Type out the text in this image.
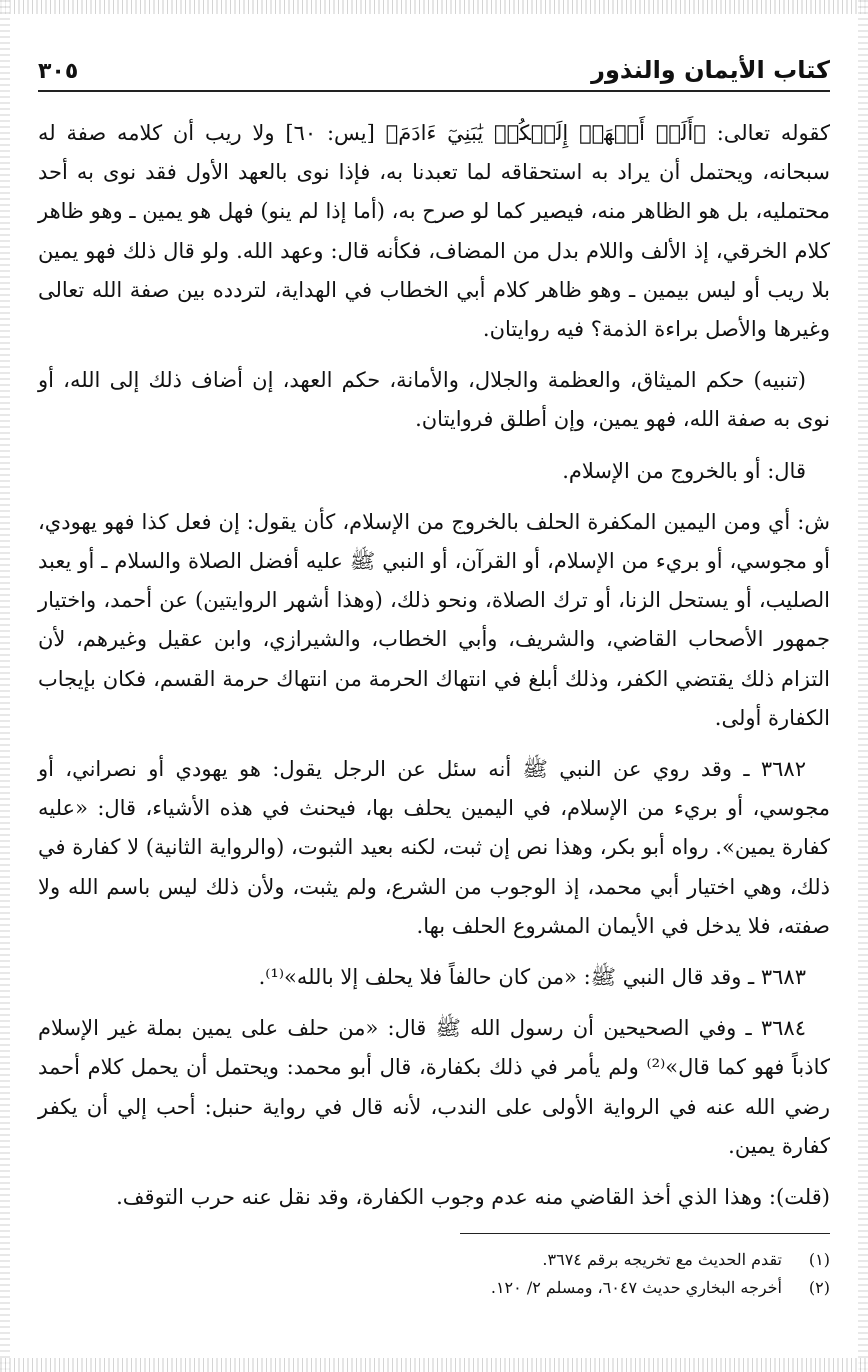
كتاب الأيمان والنذور
٣٠٥

كقوله تعالى: ﴿أَلَمۡ أَعۡهَدۡ إِلَيۡكُمۡ يَٰبَنِيٓ ءَادَمَ﴾ [يس: ٦٠] ولا ريب أن كلامه صفة له سبحانه، ويحتمل أن يراد به استحقاقه لما تعبدنا به، فإذا نوى بالعهد الأول فقد نوى به أحد محتمليه، بل هو الظاهر منه، فيصير كما لو صرح به، (أما إذا لم ينو) فهل هو يمين ـ وهو ظاهر كلام الخرقي، إذ الألف واللام بدل من المضاف، فكأنه قال: وعهد الله. ولو قال ذلك فهو يمين بلا ريب أو ليس بيمين ـ وهو ظاهر كلام أبي الخطاب في الهداية، لتردده بين صفة الله تعالى وغيرها والأصل براءة الذمة؟ فيه روايتان.

(تنبيه) حكم الميثاق، والعظمة والجلال، والأمانة، حكم العهد، إن أضاف ذلك إلى الله، أو نوى به صفة الله، فهو يمين، وإن أطلق فروايتان.

قال: أو بالخروج من الإسلام.

ش: أي ومن اليمين المكفرة الحلف بالخروج من الإسلام، كأن يقول: إن فعل كذا فهو يهودي، أو مجوسي، أو بريء من الإسلام، أو القرآن، أو النبي ﷺ عليه أفضل الصلاة والسلام ـ أو يعبد الصليب، أو يستحل الزنا، أو ترك الصلاة، ونحو ذلك، (وهذا أشهر الروايتين) عن أحمد، واختيار جمهور الأصحاب القاضي، والشريف، وأبي الخطاب، والشيرازي، وابن عقيل وغيرهم، لأن التزام ذلك يقتضي الكفر، وذلك أبلغ في انتهاك الحرمة من انتهاك حرمة القسم، فكان بإيجاب الكفارة أولى.

٣٦٨٢ ـ وقد روي عن النبي ﷺ أنه سئل عن الرجل يقول: هو يهودي أو نصراني، أو مجوسي، أو بريء من الإسلام، في اليمين يحلف بها، فيحنث في هذه الأشياء، قال: «عليه كفارة يمين». رواه أبو بكر، وهذا نص إن ثبت، لكنه بعيد الثبوت، (والرواية الثانية) لا كفارة في ذلك، وهي اختيار أبي محمد، إذ الوجوب من الشرع، ولم يثبت، ولأن ذلك ليس باسم الله ولا صفته، فلا يدخل في الأيمان المشروع الحلف بها.

٣٦٨٣ ـ وقد قال النبي ﷺ: «من كان حالفاً فلا يحلف إلا بالله»⁽¹⁾.

٣٦٨٤ ـ وفي الصحيحين أن رسول الله ﷺ قال: «من حلف على يمين بملة غير الإسلام كاذباً فهو كما قال»⁽²⁾ ولم يأمر في ذلك بكفارة، قال أبو محمد: ويحتمل أن يحمل كلام أحمد رضي الله عنه في الرواية الأولى على الندب، لأنه قال في رواية حنبل: أحب إلي أن يكفر كفارة يمين.

(قلت): وهذا الذي أخذ القاضي منه عدم وجوب الكفارة، وقد نقل عنه حرب التوقف.

(١)
تقدم الحديث مع تخريجه برقم ٣٦٧٤.
(٢)
أخرجه البخاري حديث ٦٠٤٧، ومسلم ٢/ ١٢٠.
